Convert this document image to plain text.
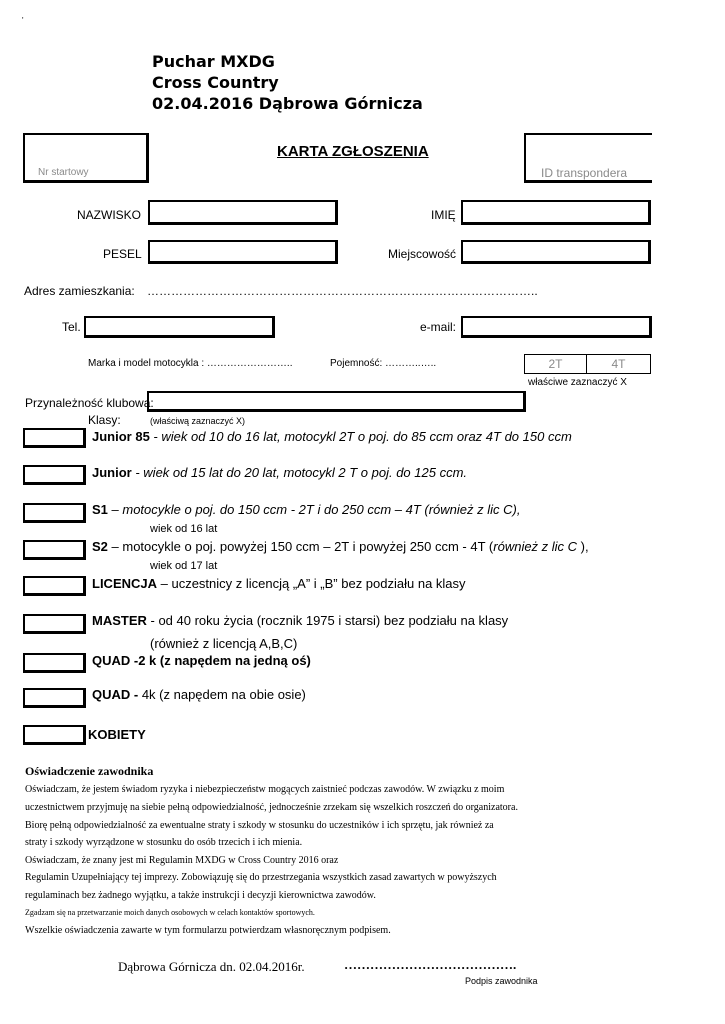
'
Puchar MXDG
Cross Country
02.04.2016 Dąbrowa Górnicza
Nr startowy
KARTA ZGŁOSZENIA
ID transpondera
NAZWISKO	IMIĘ
PESEL	Miejscowość
Adres zamieszkania: ……………………………………………………………………………………..
Tel.	e-mail:
Marka i model motocykla : ……………………..	Pojemność: ………..…..	2T	4T
właściwe zaznaczyć X
Przynależność klubowa:
Klasy:	(właściwą zaznaczyć X)
Junior 85 - wiek od 10 do 16 lat, motocykl 2T o poj. do 85 ccm oraz 4T do 150 ccm
Junior - wiek od 15 lat do 20 lat, motocykl 2 T o poj. do 125 ccm.
S1 – motocykle o poj. do 150 ccm - 2T i do 250 ccm – 4T (również z lic C),
wiek od 16 lat
S2 – motocykle o poj. powyżej 150 ccm – 2T i powyżej 250 ccm - 4T (również z lic C ),
wiek od 17 lat
LICENCJA – uczestnicy z licencją „A” i „B” bez podziału na klasy
MASTER - od 40 roku życia (rocznik 1975 i starsi) bez podziału na klasy
(również z licencją A,B,C)
QUAD -2 k (z napędem na jedną oś)
QUAD - 4k (z napędem na obie osie)
KOBIETY
Oświadczenie zawodnika
Oświadczam, że jestem świadom ryzyka i niebezpieczeństw mogących zaistnieć podczas zawodów. W związku z moim
uczestnictwem przyjmuję na siebie pełną odpowiedzialność, jednocześnie zrzekam się wszelkich roszczeń do organizatora.
Biorę pełną odpowiedzialność za ewentualne straty i szkody w stosunku do uczestników i ich sprzętu, jak również za
straty i szkody wyrządzone w stosunku do osób trzecich i ich mienia.
Oświadczam, że znany jest mi Regulamin MXDG w Cross Country 2016 oraz
Regulamin Uzupełniający tej imprezy. Zobowiązuję się do przestrzegania wszystkich zasad zawartych w powyższych
regulaminach bez żadnego wyjątku, a także instrukcji i decyzji kierownictwa zawodów.
Zgadzam się na przetwarzanie moich danych osobowych w celach kontaktów sportowych.
Wszelkie oświadczenia zawarte w tym formularzu potwierdzam własnoręcznym podpisem.
Dąbrowa Górnicza dn. 02.04.2016r.	………………………………….
Podpis zawodnika
